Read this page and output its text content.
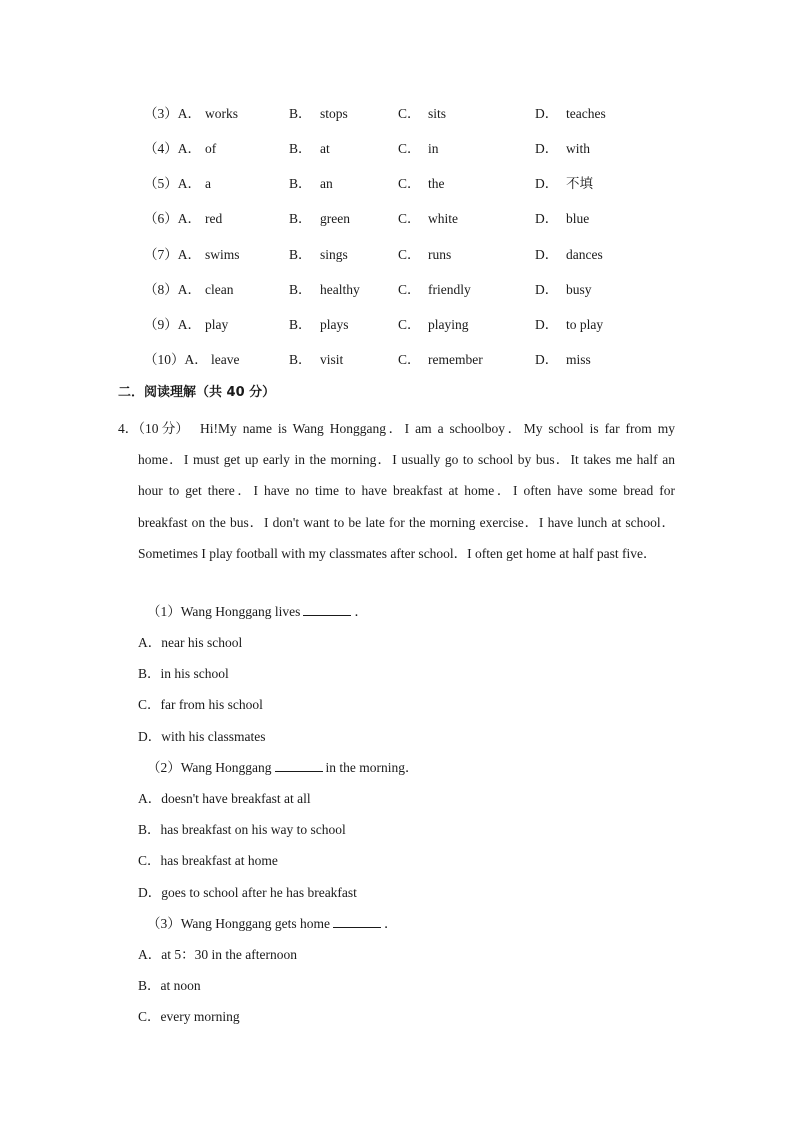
（3）A． works	B． stops	C． sits	D． teaches
（4）A． of	B． at	C． in	D． with
（5）A． a	B． an	C． the	D． 不填
（6）A． red	B． green	C． white	D． blue
（7）A． swims	B． sings	C． runs	D． dances
（8）A． clean	B． healthy	C． friendly	D． busy
（9）A． play	B． plays	C． playing	D． to play
（10）A． leave	B． visit	C． remember	D． miss
二．阅读理解（共 40 分）
4．（10 分） Hi!My name is Wang Honggang．I am a schoolboy．My school is far from my home．I must get up early in the morning．I usually go to school by bus．It takes me half an hour to get there．I have no time to have breakfast at home．I often have some bread for breakfast on the bus．I don't want to be late for the morning exercise．I have lunch at school．Sometimes I play football with my classmates after school．I often get home at half past five．
（1）Wang Honggang lives	．
A．near his school
B．in his school
C．far from his school
D．with his classmates
（2）Wang Honggang	in the morning．
A．doesn't have breakfast at all
B．has breakfast on his way to school
C．has breakfast at home
D．goes to school after he has breakfast
（3）Wang Honggang gets home	．
A．at 5：30 in the afternoon
B．at noon
C．every morning
